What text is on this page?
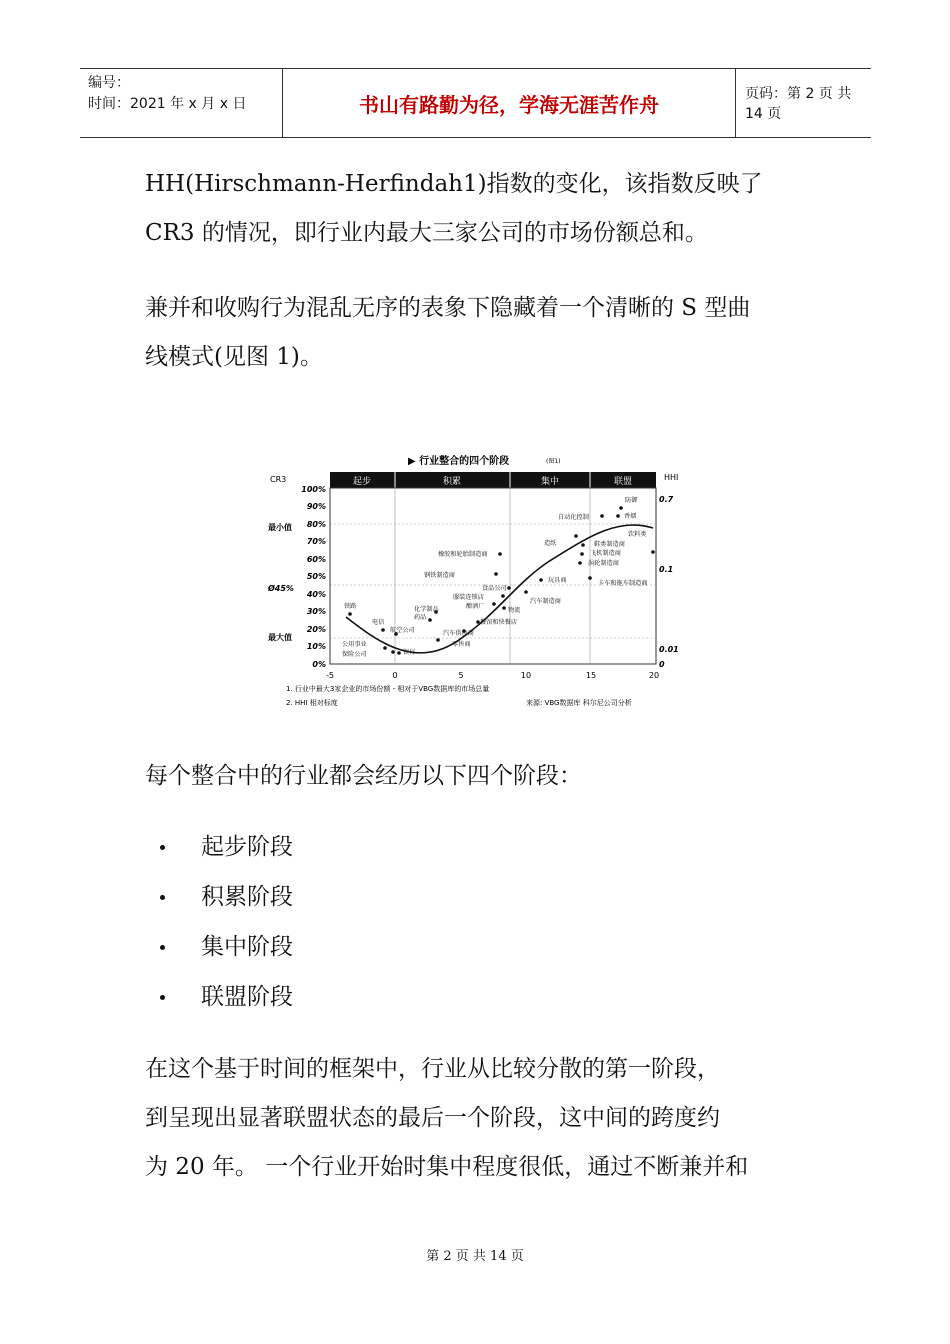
编号：
时间：2021 年 x 月 x 日	书山有路勤为径，学海无涯苦作舟	页码：第 2 页 共 14 页
HH(Hirschmann-Herfindah1)指数的变化，该指数反映了
CR3 的情况，即行业内最大三家公司的市场份额总和。
兼并和收购行为混乱无序的表象下隐藏着一个清晰的 S 型曲
线模式(见图 1)。
▶ 行业整合的四个阶段	(图1)
CR3	HHI
起步	积累	集中	联盟
100%
90%
80%
70%
60%
50%
40%
30%
20%
10%
0%
最小值
Ø45%
最大值
0.7
0.1
0.01
0
-5	0	5	10	15	20
防御
香烟
自动化控制
饮料类
造纸	鞋类制造商
飞机制造商
涡轮制造商
卡车和拖车制造商
橡胶和轮胎制造商
钢铁制造商
食品公司
玩具商
服装连锁店
酿酒厂
汽车制造商
化学制品
药品
物流
铁路
电信
航空公司
餐馆和快餐店
汽车供应商
零售商
公用事业
保险公司	银行
1. 行业中最大3家企业的市场份额 - 相对于VBG数据库的市场总量
2. HHI 相对标度	来源: VBG数据库 科尔尼公司分析
每个整合中的行业都会经历以下四个阶段：
起步阶段
积累阶段
集中阶段
联盟阶段
在这个基于时间的框架中，行业从比较分散的第一阶段，
到呈现出显著联盟状态的最后一个阶段，这中间的跨度约
为 20 年。 一个行业开始时集中程度很低，通过不断兼并和
第 2 页 共 14 页
